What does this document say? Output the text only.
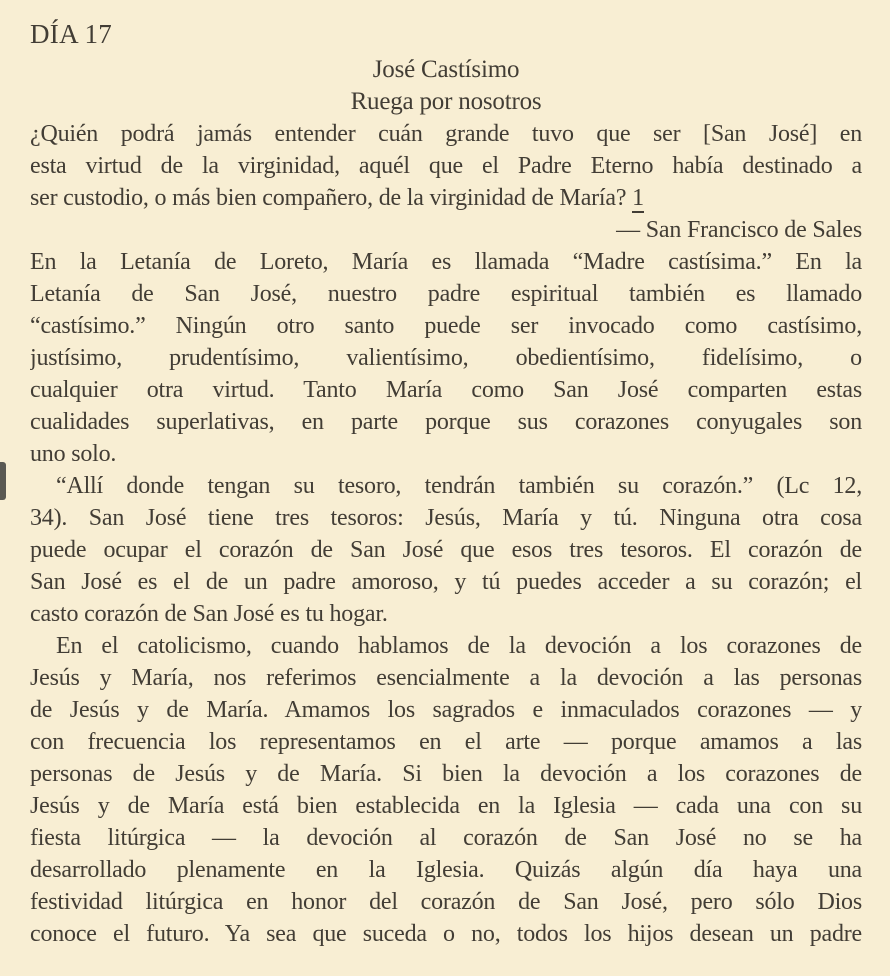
DÍA 17
José Castísimo
Ruega por nosotros
¿Quién podrá jamás entender cuán grande tuvo que ser [San José] en
esta virtud de la virginidad, aquél que el Padre Eterno había destinado a
ser custodio, o más bien compañero, de la virginidad de María? 1
— San Francisco de Sales
En la Letanía de Loreto, María es llamada “Madre castísima.” En la
Letanía de San José, nuestro padre espiritual también es llamado
“castísimo.” Ningún otro santo puede ser invocado como castísimo,
justísimo, prudentísimo, valientísimo, obedientísimo, fidelísimo, o
cualquier otra virtud. Tanto María como San José comparten estas
cualidades superlativas, en parte porque sus corazones conyugales son
uno solo.
“Allí donde tengan su tesoro, tendrán también su corazón.” (Lc 12,
34). San José tiene tres tesoros: Jesús, María y tú. Ninguna otra cosa
puede ocupar el corazón de San José que esos tres tesoros. El corazón de
San José es el de un padre amoroso, y tú puedes acceder a su corazón; el
casto corazón de San José es tu hogar.
En el catolicismo, cuando hablamos de la devoción a los corazones de
Jesús y María, nos referimos esencialmente a la devoción a las personas
de Jesús y de María. Amamos los sagrados e inmaculados corazones — y
con frecuencia los representamos en el arte — porque amamos a las
personas de Jesús y de María. Si bien la devoción a los corazones de
Jesús y de María está bien establecida en la Iglesia — cada una con su
fiesta litúrgica — la devoción al corazón de San José no se ha
desarrollado plenamente en la Iglesia. Quizás algún día haya una
festividad litúrgica en honor del corazón de San José, pero sólo Dios
conoce el futuro. Ya sea que suceda o no, todos los hijos desean un padre
